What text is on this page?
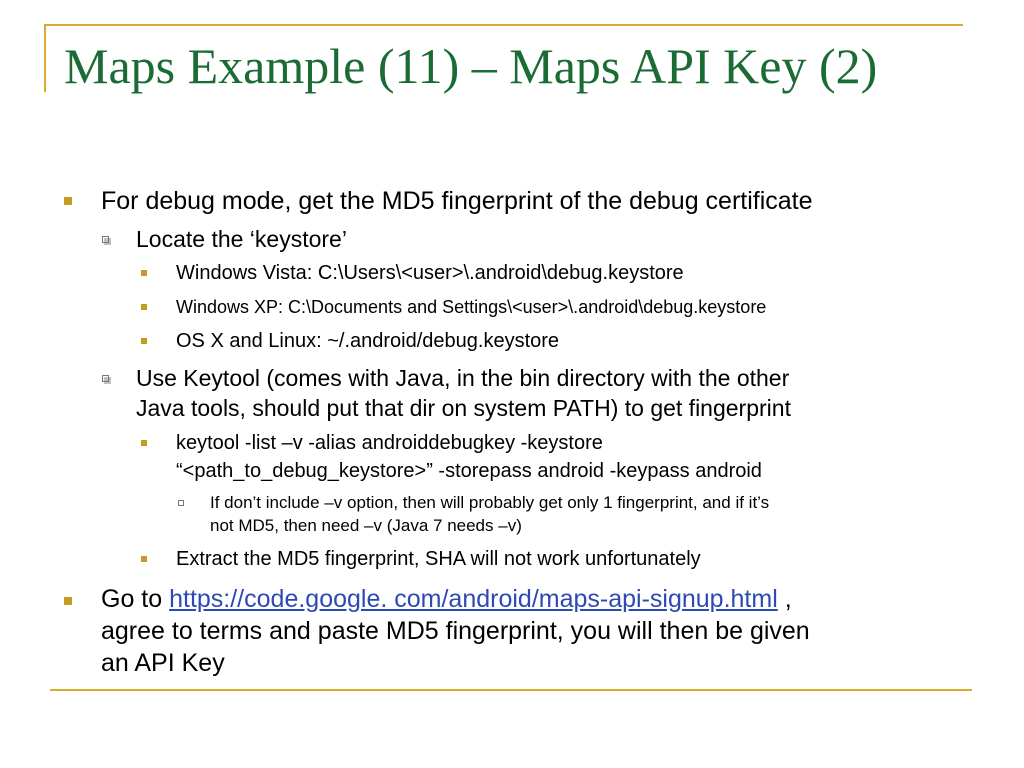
Maps Example (11) – Maps API Key (2)
For debug mode, get the MD5 fingerprint of the debug certificate
Locate the ‘keystore’
Windows Vista: C:\Users\<user>\.android\debug.keystore
Windows XP: C:\Documents and Settings\<user>\.android\debug.keystore
OS X and Linux: ~/.android/debug.keystore
Use Keytool (comes with Java, in the bin directory with the other
Java tools, should put that dir on system PATH) to get fingerprint
keytool -list –v -alias androiddebugkey -keystore
“<path_to_debug_keystore>” -storepass android -keypass android
If don’t include –v option, then will probably get only 1 fingerprint, and if it’s
not MD5, then need –v (Java 7 needs –v)
Extract the MD5 fingerprint, SHA will not work unfortunately
Go to https://code.google. com/android/maps-api-signup.html ,
agree to terms and paste MD5 fingerprint, you will then be given
an API Key
